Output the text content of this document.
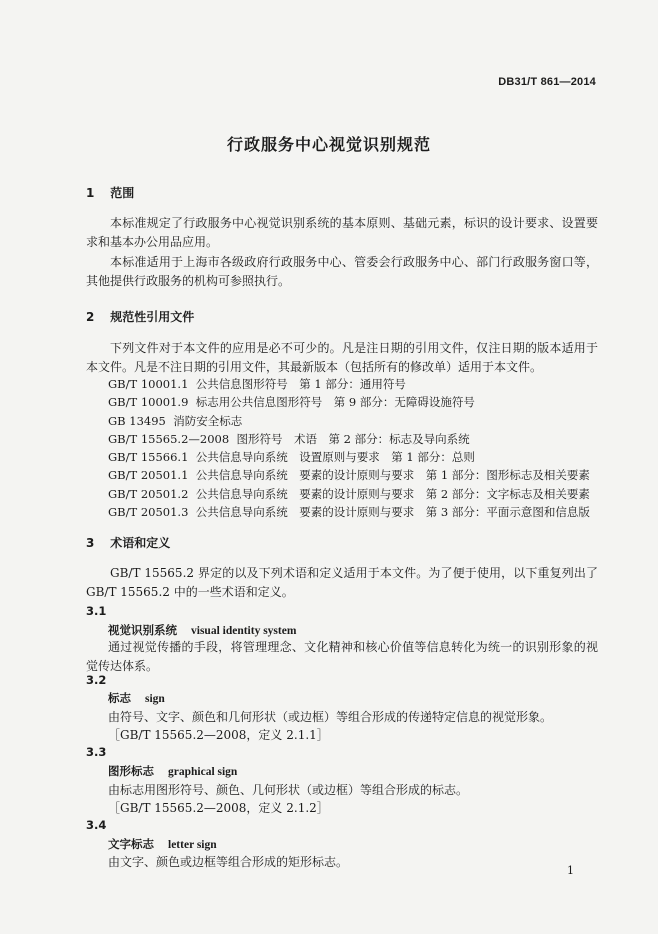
DB31/T 861—2014
行政服务中心视觉识别规范
1 范围
本标准规定了行政服务中心视觉识别系统的基本原则、基础元素，标识的设计要求、设置要求和基本办公用品应用。
本标准适用于上海市各级政府行政服务中心、管委会行政服务中心、部门行政服务窗口等，其他提供行政服务的机构可参照执行。
2 规范性引用文件
下列文件对于本文件的应用是必不可少的。凡是注日期的引用文件，仅注日期的版本适用于本文件。凡是不注日期的引用文件，其最新版本（包括所有的修改单）适用于本文件。
GB/T 10001.1 公共信息图形符号　第 1 部分：通用符号
GB/T 10001.9 标志用公共信息图形符号　第 9 部分：无障碍设施符号
GB 13495 消防安全标志
GB/T 15565.2—2008 图形符号　术语　第 2 部分：标志及导向系统
GB/T 15566.1 公共信息导向系统　设置原则与要求　第 1 部分：总则
GB/T 20501.1 公共信息导向系统　要素的设计原则与要求　第 1 部分：图形标志及相关要素
GB/T 20501.2 公共信息导向系统　要素的设计原则与要求　第 2 部分：文字标志及相关要素
GB/T 20501.3 公共信息导向系统　要素的设计原则与要求　第 3 部分：平面示意图和信息版
3 术语和定义
GB/T 15565.2 界定的以及下列术语和定义适用于本文件。为了便于使用，以下重复列出了 GB/T 15565.2 中的一些术语和定义。
3.1
视觉识别系统 visual identity system
通过视觉传播的手段，将管理理念、文化精神和核心价值等信息转化为统一的识别形象的视觉传达体系。
3.2
标志 sign
由符号、文字、颜色和几何形状（或边框）等组合形成的传递特定信息的视觉形象。
［GB/T 15565.2—2008，定义 2.1.1］
3.3
图形标志 graphical sign
由标志用图形符号、颜色、几何形状（或边框）等组合形成的标志。
［GB/T 15565.2—2008，定义 2.1.2］
3.4
文字标志 letter sign
由文字、颜色或边框等组合形成的矩形标志。
1
